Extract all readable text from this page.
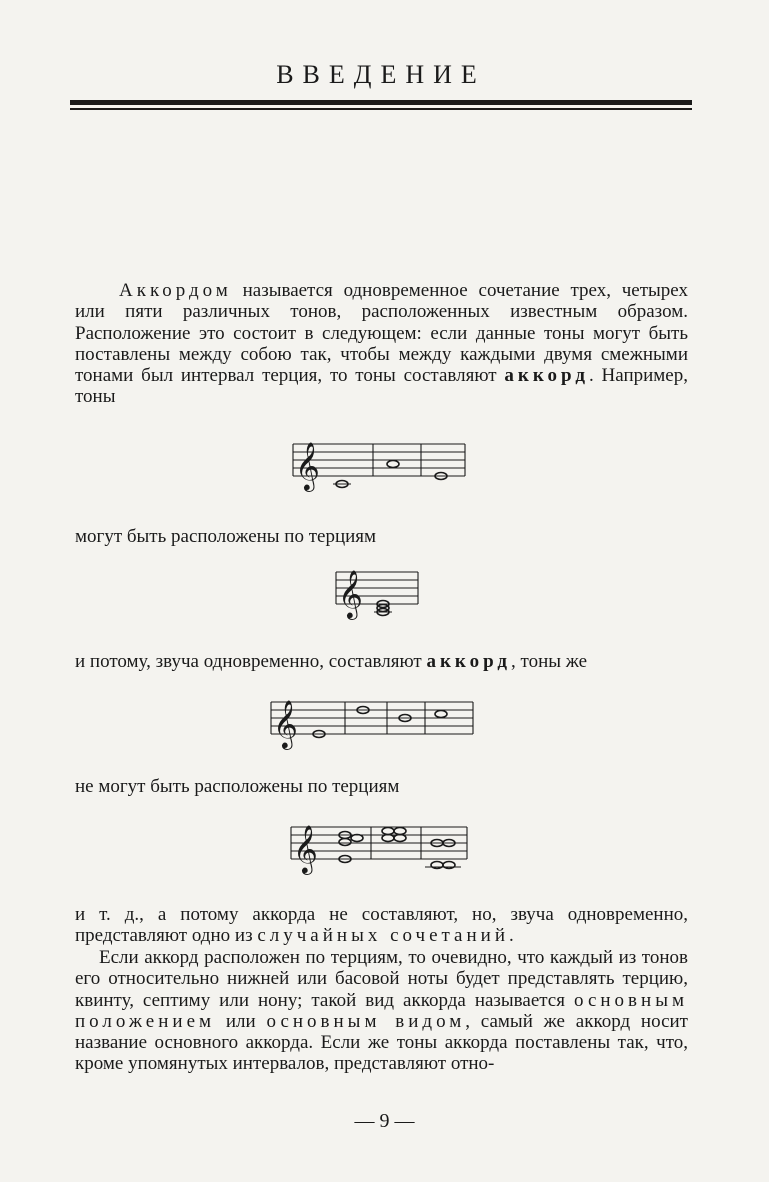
ВВЕДЕНИЕ
Аккордом называется одновременное сочетание трех, четырех или пяти различных тонов, расположенных известным образом. Расположение это состоит в следующем: если данные тоны могут быть поставлены между собою так, чтобы между каждыми двумя смежными тонами был интервал терция, то тоны составляют аккорд. Например, тоны
𝄞
могут быть расположены по терциям
𝄞
и потому, звуча одновременно, составляют аккорд, тоны же
𝄞
не могут быть расположены по терциям
𝄞
и т. д., а потому аккорда не составляют, но, звуча одновременно, представляют одно из случайных сочетаний.
Если аккорд расположен по терциям, то очевидно, что каждый из тонов его относительно нижней или басовой ноты будет представлять терцию, квинту, септиму или нону; такой вид аккорда называется основным положением или основным видом, самый же аккорд носит название основного аккорда. Если же тоны аккорда поставлены так, что, кроме упомянутых интервалов, представляют отно-
— 9 —
